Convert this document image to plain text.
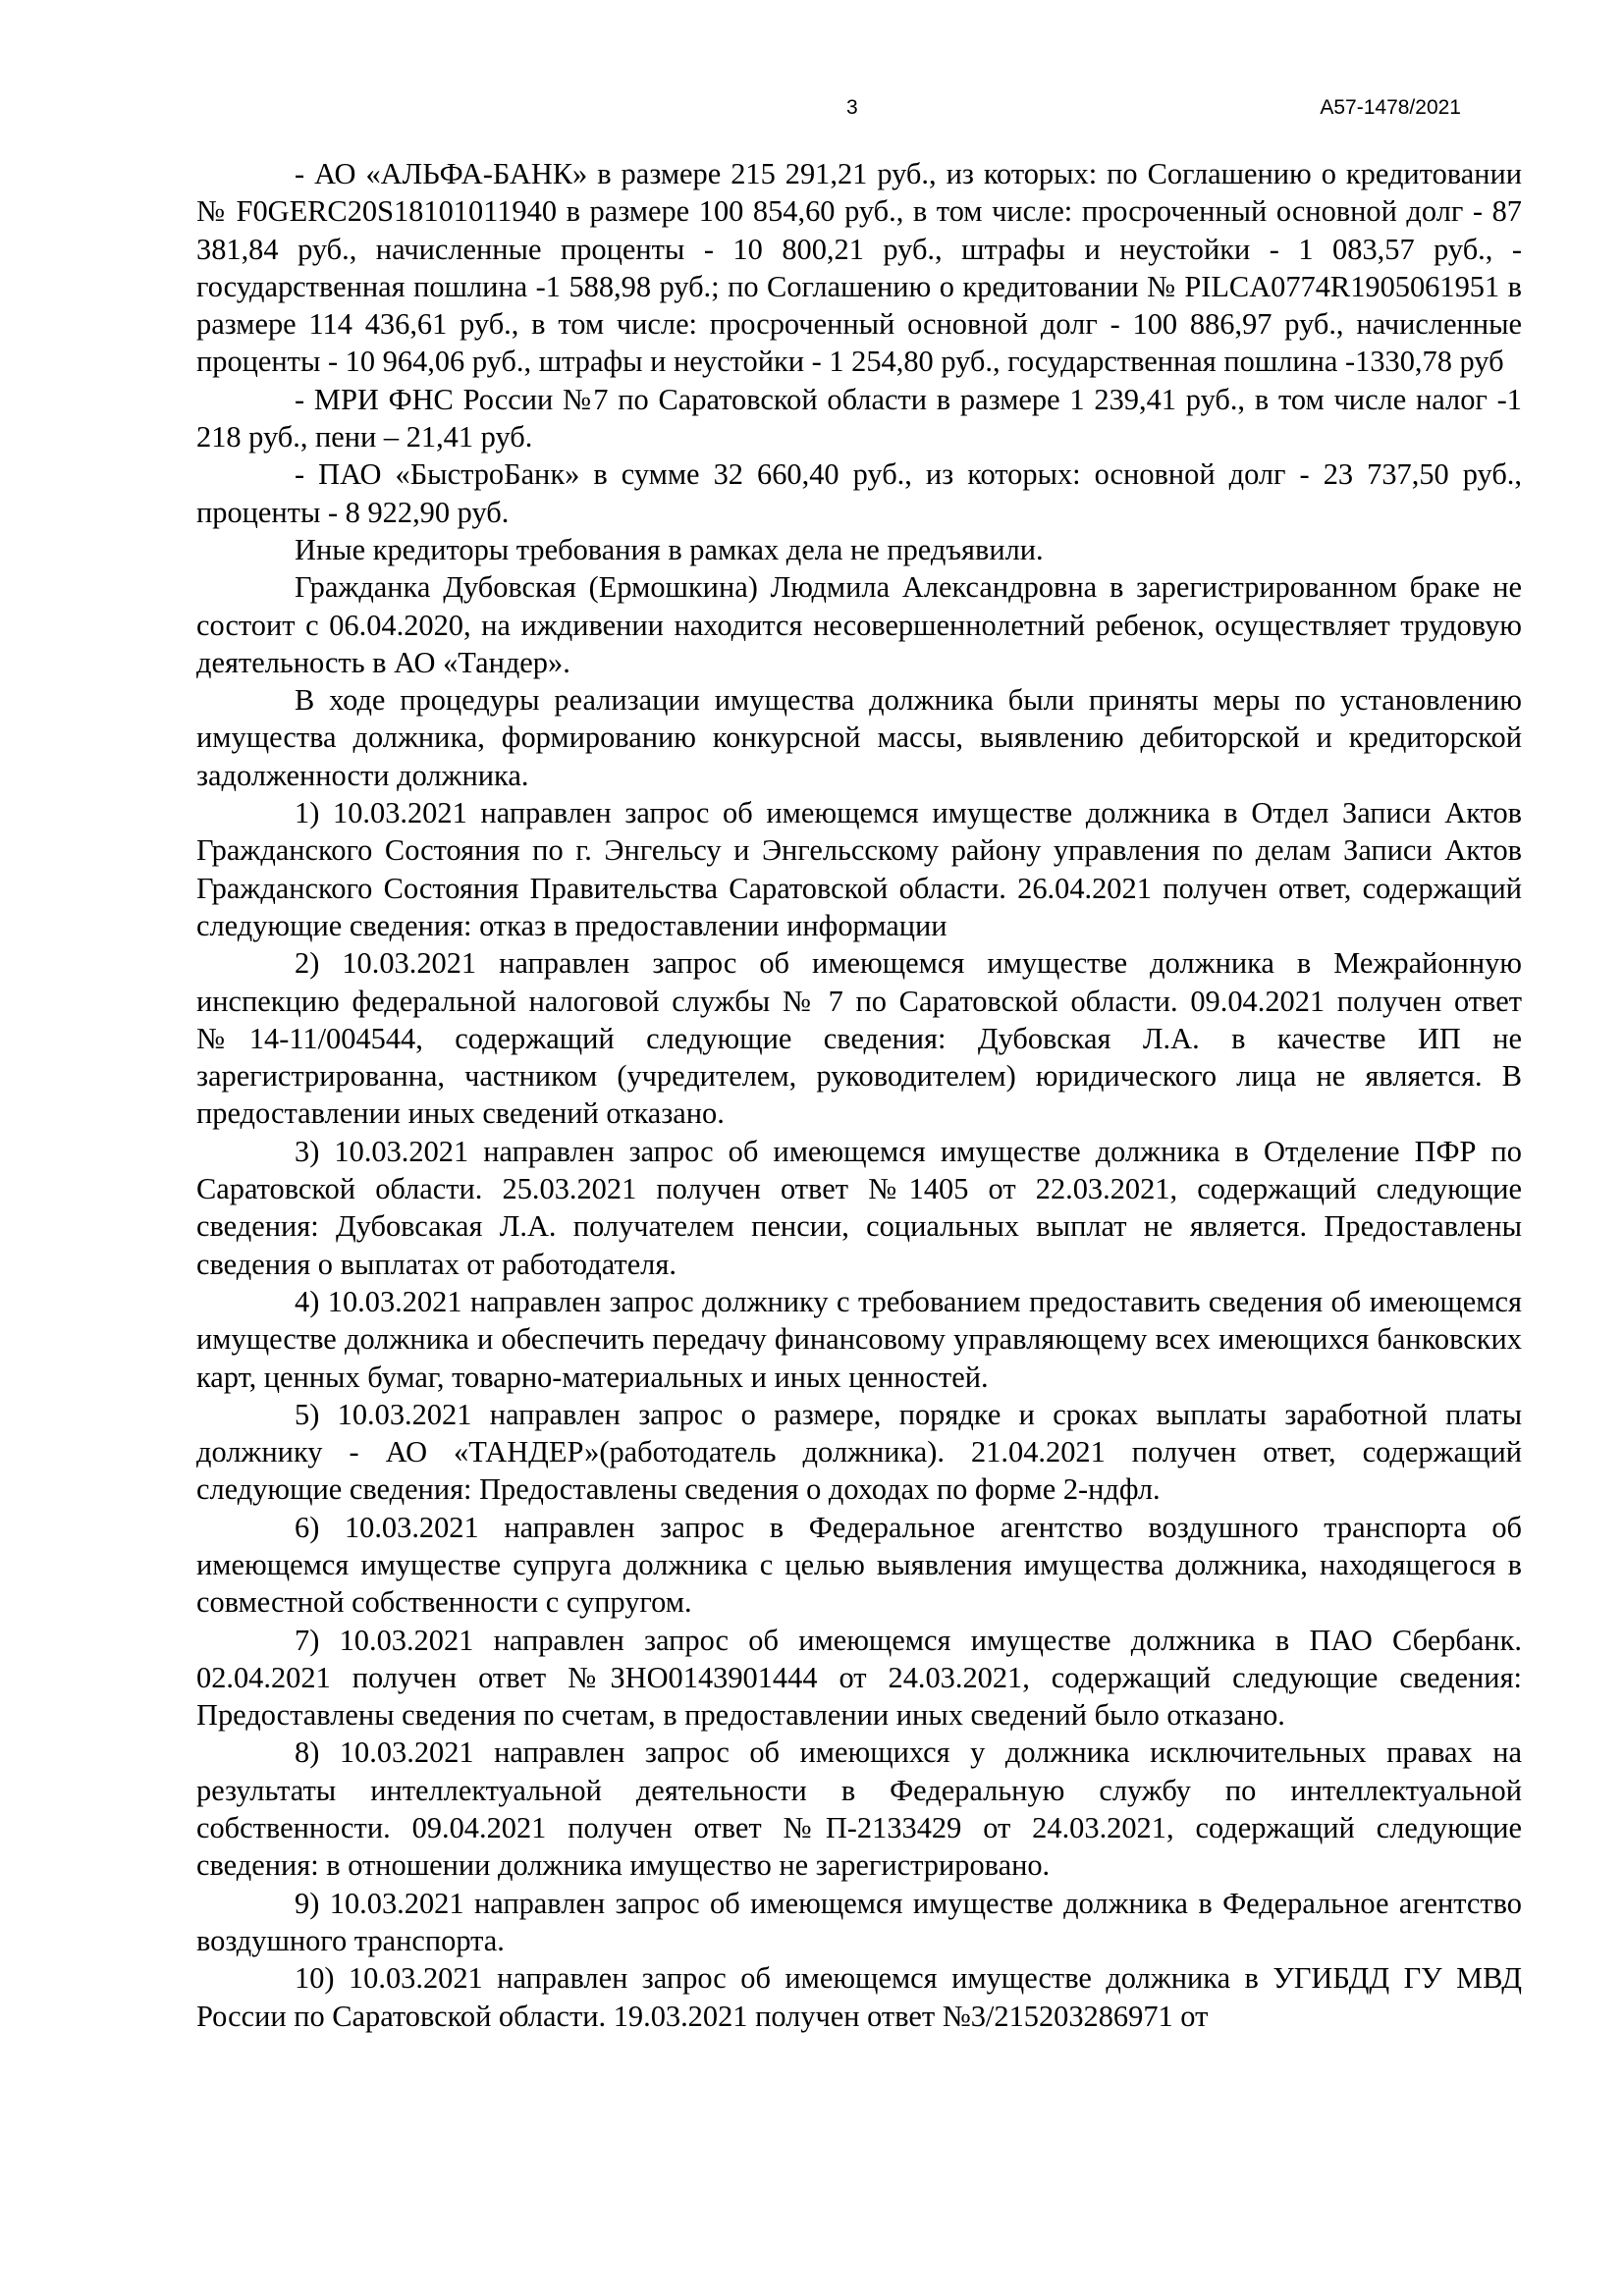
3	А57-1478/2021

- АО «АЛЬФА-БАНК» в размере 215 291,21 руб., из которых: по Соглашению о кредитовании № F0GERC20S18101011940 в размере 100 854,60 руб., в том числе: просроченный основной долг - 87 381,84 руб., начисленные проценты - 10 800,21 руб., штрафы и неустойки - 1 083,57 руб., - государственная пошлина -1 588,98 руб.; по Соглашению о кредитовании № PILCA0774R1905061951 в размере 114 436,61 руб., в том числе: просроченный основной долг - 100 886,97 руб., начисленные проценты - 10 964,06 руб., штрафы и неустойки - 1 254,80 руб., государственная пошлина -1330,78 руб

- МРИ ФНС России №7 по Саратовской области в размере 1 239,41 руб., в том числе налог -1 218 руб., пени – 21,41 руб.

- ПАО «БыстроБанк» в сумме 32 660,40 руб., из которых: основной долг - 23 737,50 руб., проценты - 8 922,90 руб.

Иные кредиторы требования в рамках дела не предъявили.

Гражданка Дубовская (Ермошкина) Людмила Александровна в зарегистрированном браке не состоит с 06.04.2020, на иждивении находится несовершеннолетний ребенок, осуществляет трудовую деятельность в АО «Тандер».

В ходе процедуры реализации имущества должника были приняты меры по установлению имущества должника, формированию конкурсной массы, выявлению дебиторской и кредиторской задолженности должника.

1) 10.03.2021 направлен запрос об имеющемся имуществе должника в Отдел Записи Актов Гражданского Состояния по г. Энгельсу и Энгельсскому району управления по делам Записи Актов Гражданского Состояния Правительства Саратовской области. 26.04.2021 получен ответ, содержащий следующие сведения: отказ в предоставлении информации

2) 10.03.2021 направлен запрос об имеющемся имуществе должника в Межрайонную инспекцию федеральной налоговой службы № 7 по Саратовской области. 09.04.2021 получен ответ №14-11/004544, содержащий следующие сведения: Дубовская Л.А. в качестве ИП не зарегистрированна, частником (учредителем, руководителем) юридического лица не является. В предоставлении иных сведений отказано.

3) 10.03.2021 направлен запрос об имеющемся имуществе должника в Отделение ПФР по Саратовской области. 25.03.2021 получен ответ №1405 от 22.03.2021, содержащий следующие сведения: Дубовсакая Л.А. получателем пенсии, социальных выплат не является. Предоставлены сведения о выплатах от работодателя.

4) 10.03.2021 направлен запрос должнику с требованием предоставить сведения об имеющемся имуществе должника и обеспечить передачу финансовому управляющему всех имеющихся банковских карт, ценных бумаг, товарно-материальных и иных ценностей.

5) 10.03.2021 направлен запрос о размере, порядке и сроках выплаты заработной платы должнику - АО «ТАНДЕР»(работодатель должника). 21.04.2021 получен ответ, содержащий следующие сведения: Предоставлены сведения о доходах по форме 2-ндфл.

6) 10.03.2021 направлен запрос в Федеральное агентство воздушного транспорта об имеющемся имуществе супруга должника с целью выявления имущества должника, находящегося в совместной собственности с супругом.

7) 10.03.2021 направлен запрос об имеющемся имуществе должника в ПАО Сбербанк. 02.04.2021 получен ответ №ЗНО0143901444 от 24.03.2021, содержащий следующие сведения: Предоставлены сведения по счетам, в предоставлении иных сведений было отказано.

8) 10.03.2021 направлен запрос об имеющихся у должника исключительных правах на результаты интеллектуальной деятельности в Федеральную службу по интеллектуальной собственности. 09.04.2021 получен ответ №П-2133429 от 24.03.2021, содержащий следующие сведения: в отношении должника имущество не зарегистрировано.

9) 10.03.2021 направлен запрос об имеющемся имуществе должника в Федеральное агентство воздушного транспорта.

10) 10.03.2021 направлен запрос об имеющемся имуществе должника в УГИБДД ГУ МВД России по Саратовской области. 19.03.2021 получен ответ №3/215203286971 от
